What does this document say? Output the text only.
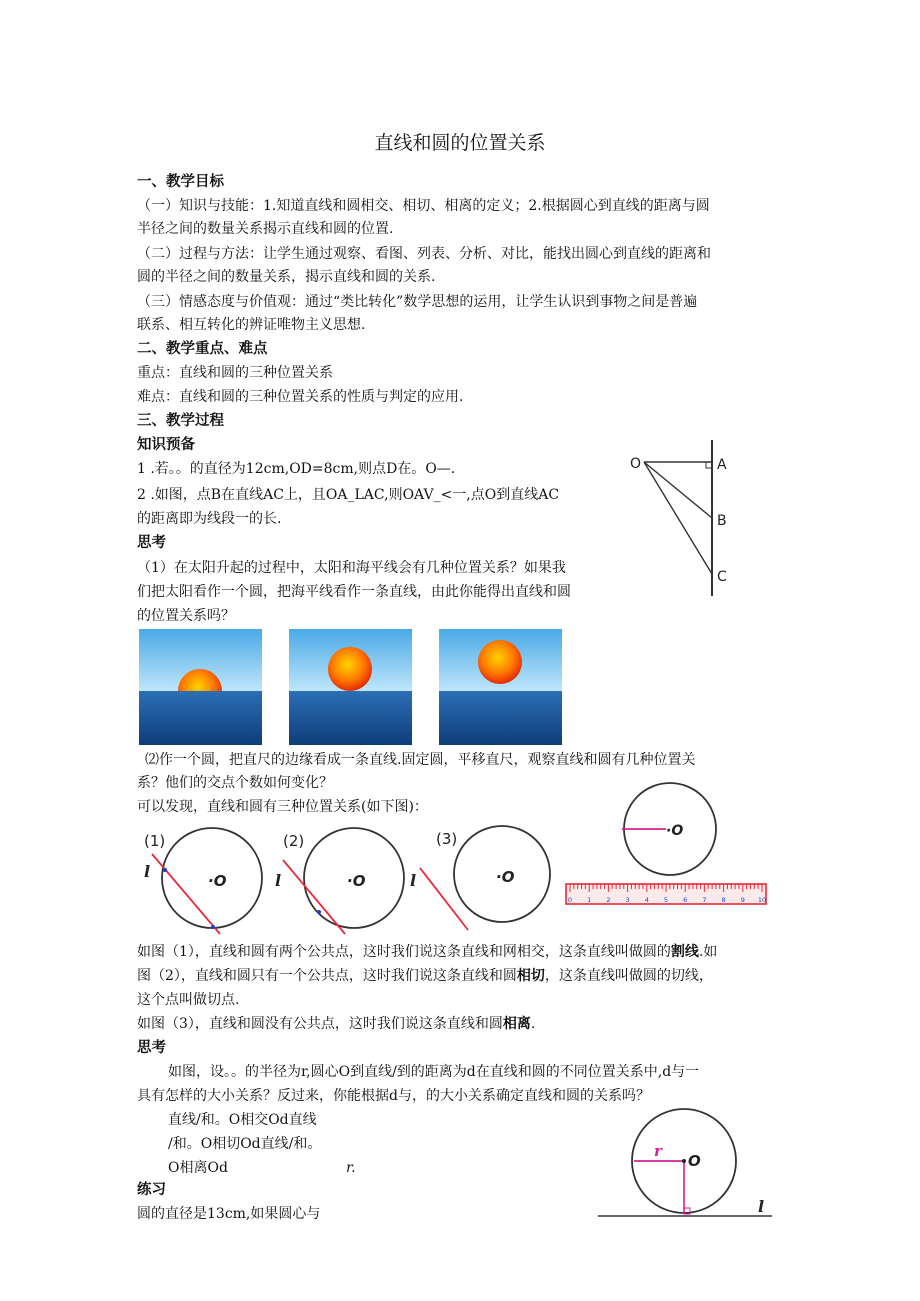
直线和圆的位置关系
一、教学目标
（一）知识与技能：1.知道直线和圆相交、相切、相离的定义；2.根据圆心到直线的距离与圆
半径之间的数量关系揭示直线和圆的位置.
（二）过程与方法：让学生通过观察、看图、列表、分析、对比，能找出圆心到直线的距离和
圆的半径之间的数量关系，揭示直线和圆的关系.
（三）情感态度与价值观：通过“类比转化”数学思想的运用，让学生认识到事物之间是普遍
联系、相互转化的辨证唯物主义思想.
二、教学重点、难点
重点：直线和圆的三种位置关系
难点：直线和圆的三种位置关系的性质与判定的应用.
三、教学过程
知识预备
1 .若。。的直径为12cm,OD=8cm,则点D在。O—.
2 .如图，点B在直线AC上，且OA_LAC,则OAV_<一,点O到直线AC
的距离即为线段一的长.
O	A
B
C
思考
（1）在太阳升起的过程中，太阳和海平线会有几种位置关系？如果我
们把太阳看作一个圆，把海平线看作一条直线，由此你能得出直线和圆
的位置关系吗？
⑵作一个圆，把直尺的边缘看成一条直线.固定圆，平移直尺，观察直线和圆有几种位置关
系？他们的交点个数如何变化？
可以发现，直线和圆有三种位置关系(如下图)：
(1)
l	·O
(2)
l	·O
(3)
l	·O
·O
0 1 2 3 4 5 6 7 8 9 10
如图（1），直线和圆有两个公共点，这时我们说这条直线和网相交，这条直线叫做圆的割线.如
图（2），直线和圆只有一个公共点，这时我们说这条直线和圆相切，这条直线叫做圆的切线，
这个点叫做切点.
如图（3），直线和圆没有公共点，这时我们说这条直线和圆相离.
思考
如图，设。。的半径为r,圆心O到直线/到的距离为d在直线和圆的不同位置关系中,d与一
具有怎样的大小关系？反过来，你能根据d与，的大小关系确定直线和圆的关系吗？
直线/和。O相交Od直线
/和。O相切Od直线/和。
O相离Od	r.
练习
圆的直径是13cm,如果圆心与
r
O
l
